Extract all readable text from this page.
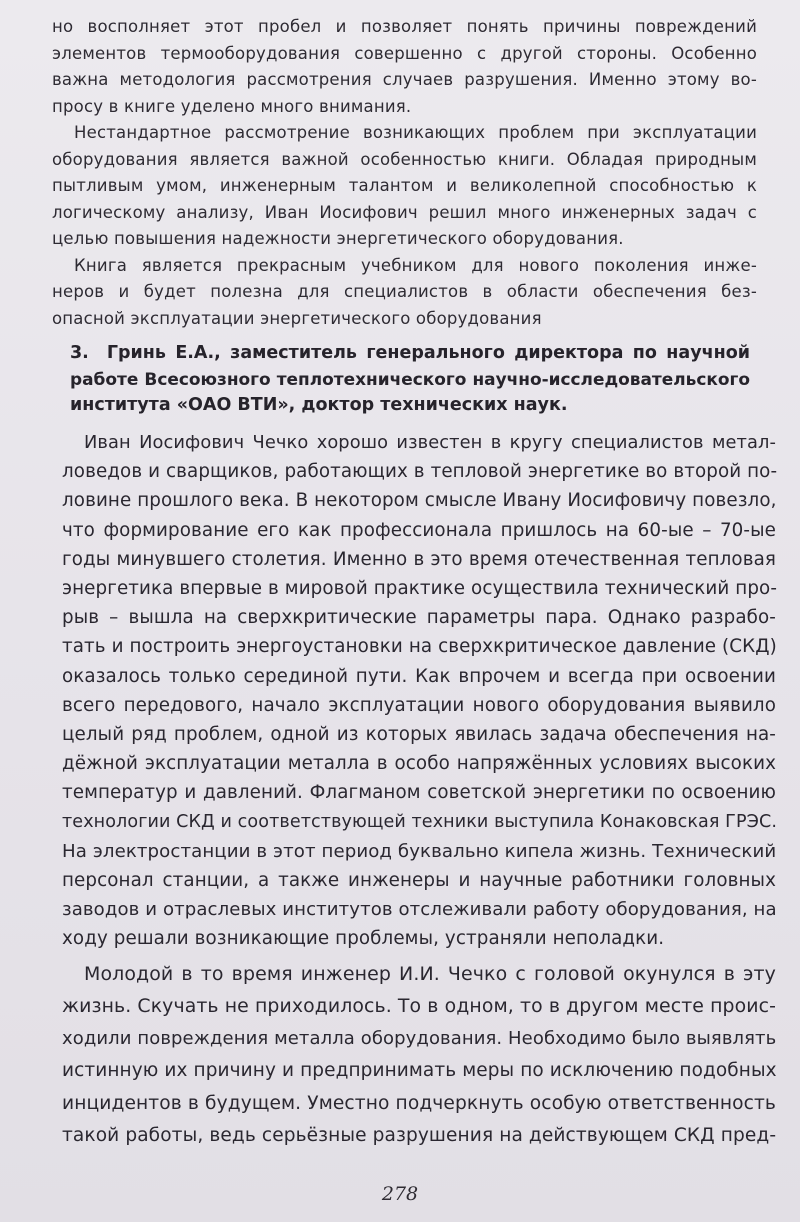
но восполняет этот пробел и позволяет понять причины повреждений
элементов термооборудования совершенно с другой стороны. Особенно
важна методология рассмотрения случаев разрушения. Именно этому во-
просу в книге уделено много внимания.

Нестандартное рассмотрение возникающих проблем при эксплуатации
оборудования является важной особенностью книги. Обладая природным
пытливым умом, инженерным талантом и великолепной способностью к
логическому анализу, Иван Иосифович решил много инженерных задач с
целью повышения надежности энергетического оборудования.

Книга является прекрасным учебником для нового поколения инже-
неров и будет полезна для специалистов в области обеспечения без-
опасной эксплуатации энергетического оборудования

3. Гринь Е.А., заместитель генерального директора по научной
работе Всесоюзного теплотехнического научно-исследовательского
института «ОАО ВТИ», доктор технических наук.

Иван Иосифович Чечко хорошо известен в кругу специалистов метал-
ловедов и сварщиков, работающих в тепловой энергетике во второй по-
ловине прошлого века. В некотором смысле Ивану Иосифовичу повезло,
что формирование его как профессионала пришлось на 60-ые – 70-ые
годы минувшего столетия. Именно в это время отечественная тепловая
энергетика впервые в мировой практике осуществила технический про-
рыв – вышла на сверхкритические параметры пара. Однако разрабо-
тать и построить энергоустановки на сверхкритическое давление (СКД)
оказалось только серединой пути. Как впрочем и всегда при освоении
всего передового, начало эксплуатации нового оборудования выявило
целый ряд проблем, одной из которых явилась задача обеспечения на-
дёжной эксплуатации металла в особо напряжённых условиях высоких
температур и давлений. Флагманом советской энергетики по освоению
технологии СКД и соответствующей техники выступила Конаковская ГРЭС.
На электростанции в этот период буквально кипела жизнь. Технический
персонал станции, а также инженеры и научные работники головных
заводов и отраслевых институтов отслеживали работу оборудования, на
ходу решали возникающие проблемы, устраняли неполадки.

Молодой в то время инженер И.И. Чечко с головой окунулся в эту
жизнь. Скучать не приходилось. То в одном, то в другом месте проис-
ходили повреждения металла оборудования. Необходимо было выявлять
истинную их причину и предпринимать меры по исключению подобных
инцидентов в будущем. Уместно подчеркнуть особую ответственность
такой работы, ведь серьёзные разрушения на действующем СКД пред-

278
